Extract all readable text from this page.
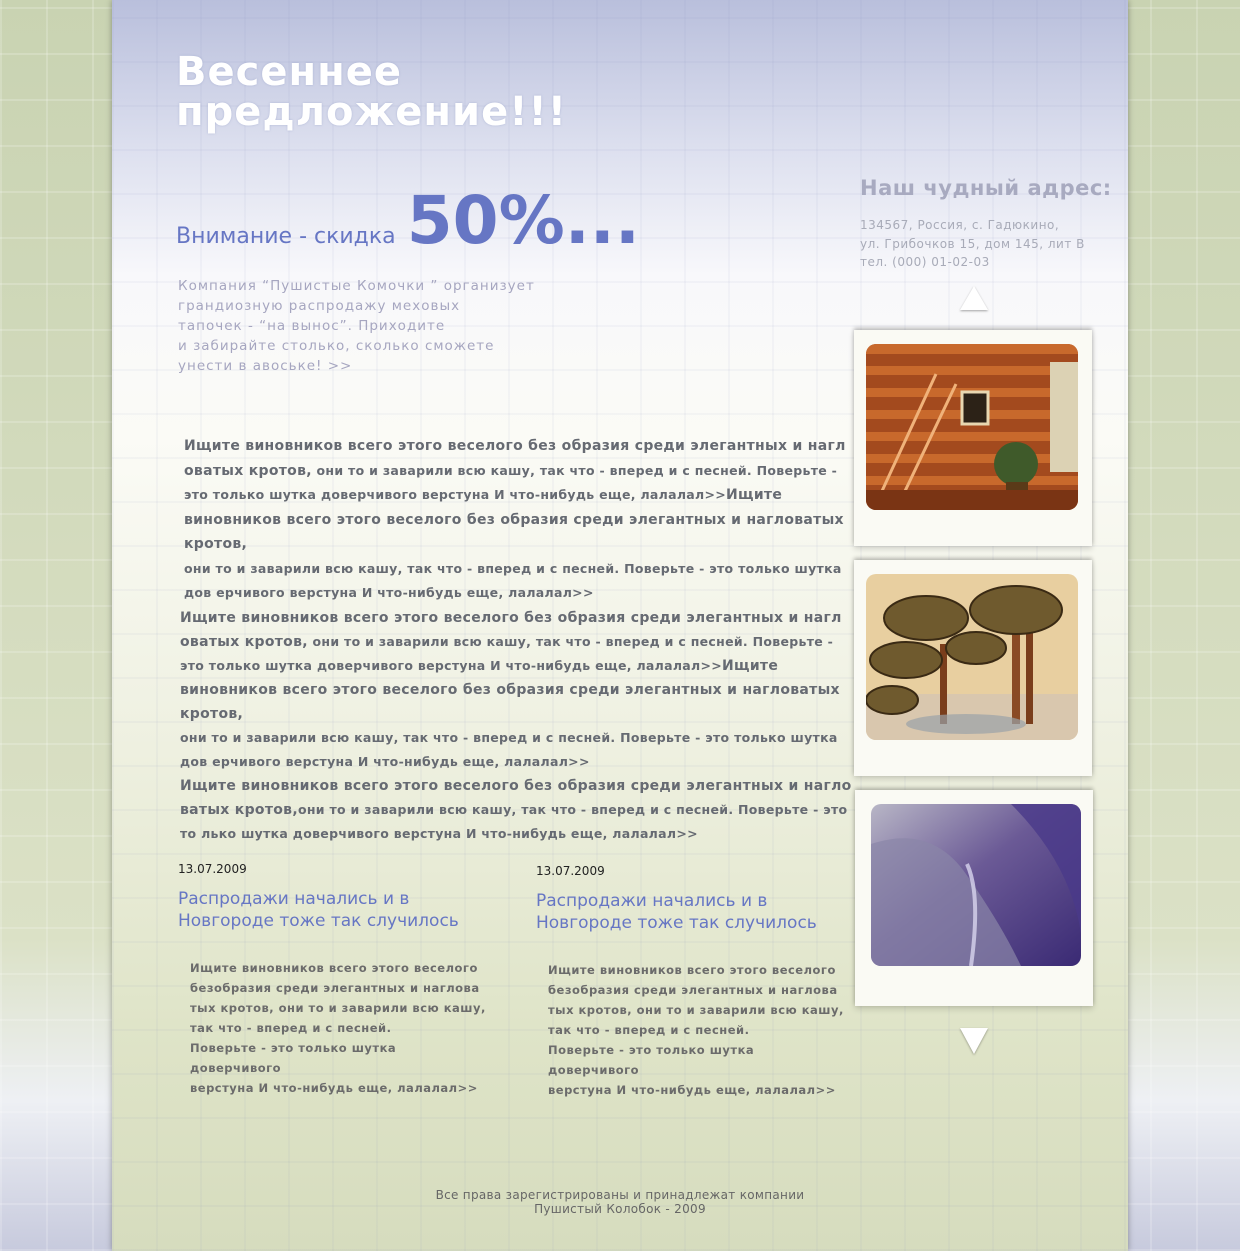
Весеннее
предложение!!!
Внимание - скидка 50%...
Компания “Пушистые Комочки ” организует
грандиозную распродажу меховых
тапочек - “на вынос”. Приходите
и забирайте столько, сколько сможете
унести в авоське! >>
Ищите виновников всего этого веселого без образия среди элегантных и нагл оватых кротов, они то и заварили всю кашу, так что - вперед и с песней. Поверьте - это только шутка доверчивого верстуна И что-нибудь еще, лалалал>>Ищите виновников всего этого веселого без образия среди элегантных и нагловатых кротов,
они то и заварили всю кашу, так что - вперед и с песней. Поверьте - это только шутка дов ерчивого верстуна И что-нибудь еще, лалалал>>
Ищите виновников всего этого веселого без образия среди элегантных и нагл оватых кротов, они то и заварили всю кашу, так что - вперед и с песней. Поверьте - это только шутка доверчивого верстуна И что-нибудь еще, лалалал>>Ищите виновников всего этого веселого без образия среди элегантных и нагловатых кротов,
они то и заварили всю кашу, так что - вперед и с песней. Поверьте - это только шутка дов ерчивого верстуна И что-нибудь еще, лалалал>>
Ищите виновников всего этого веселого без образия среди элегантных и нагло ватых кротов,они то и заварили всю кашу, так что - вперед и с песней. Поверьте - это то лько шутка доверчивого верстуна И что-нибудь еще, лалалал>>
13.07.2009
Распродажи начались и в Новгороде тоже так случилось
Ищите виновников всего этого веселого
безобразия среди элегантных и нагловa
тых кротов, они то и заварили всю кашу,
так что - вперед и с песней.
Поверьте - это только шутка доверчивого
верстуна И что-нибудь еще, лалалал>>
13.07.2009
Распродажи начались и в Новгороде тоже так случилось
Ищите виновников всего этого веселого
безобразия среди элегантных и нагловa
тых кротов, они то и заварили всю кашу,
так что - вперед и с песней.
Поверьте - это только шутка доверчивого
верстуна И что-нибудь еще, лалалал>>
Наш чудный адрес:
134567, Россия, с. Гадюкино,
ул. Грибочков 15, дом 145, лит В
тел. (000) 01-02-03
Все права зарегистрированы и принадлежат компании
Пушистый Колобок - 2009
